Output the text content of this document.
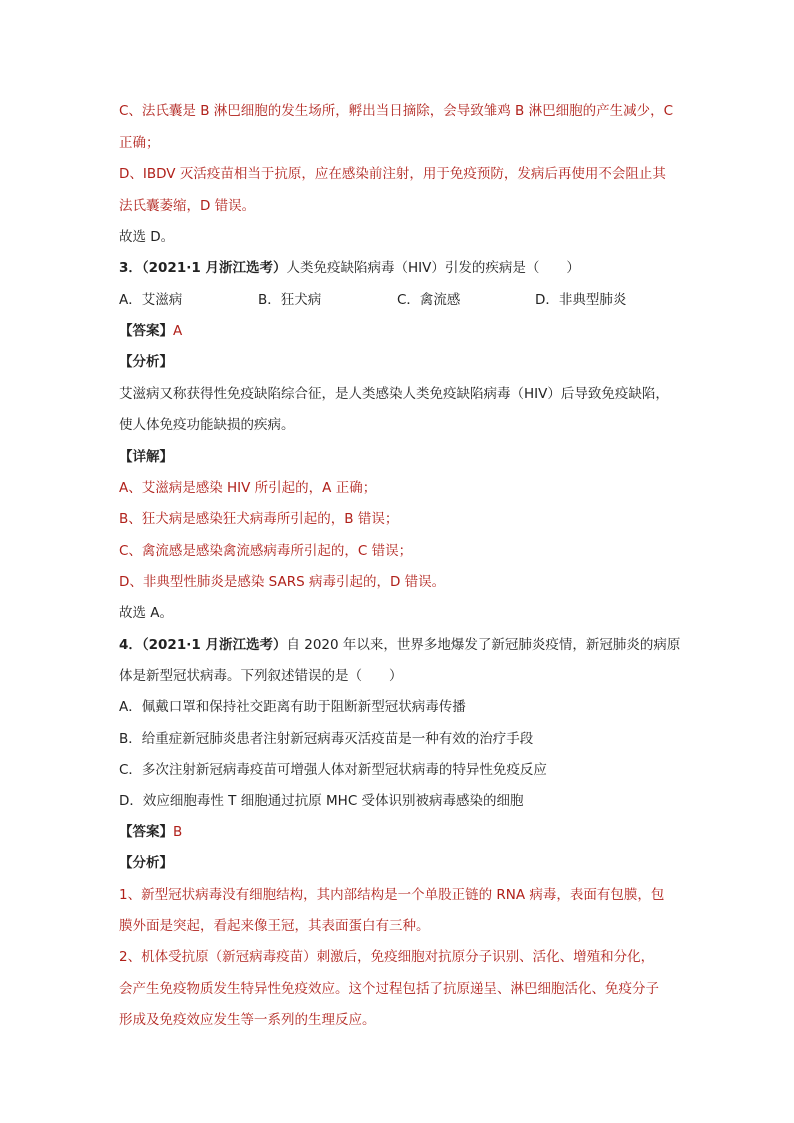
C、法氏囊是 B 淋巴细胞的发生场所，孵出当日摘除，会导致雏鸡 B 淋巴细胞的产生减少，C
正确；
D、IBDV 灭活疫苗相当于抗原，应在感染前注射，用于免疫预防，发病后再使用不会阻止其
法氏囊萎缩，D 错误。
故选 D。
3．（2021·1 月浙江选考）人类免疫缺陷病毒（HIV）引发的疾病是（　　）
A．艾滋病	B．狂犬病	C．禽流感	D．非典型肺炎
【答案】A
【分析】
艾滋病又称获得性免疫缺陷综合征，是人类感染人类免疫缺陷病毒（HIV）后导致免疫缺陷，
使人体免疫功能缺损的疾病。
【详解】
A、艾滋病是感染 HIV 所引起的，A 正确；
B、狂犬病是感染狂犬病毒所引起的，B 错误；
C、禽流感是感染禽流感病毒所引起的，C 错误；
D、非典型性肺炎是感染 SARS 病毒引起的，D 错误。
故选 A。
4．（2021·1 月浙江选考）自 2020 年以来，世界多地爆发了新冠肺炎疫情，新冠肺炎的病原
体是新型冠状病毒。下列叙述错误的是（　　）
A．佩戴口罩和保持社交距离有助于阻断新型冠状病毒传播
B．给重症新冠肺炎患者注射新冠病毒灭活疫苗是一种有效的治疗手段
C．多次注射新冠病毒疫苗可增强人体对新型冠状病毒的特异性免疫反应
D．效应细胞毒性 T 细胞通过抗原 MHC 受体识别被病毒感染的细胞
【答案】B
【分析】
1、新型冠状病毒没有细胞结构，其内部结构是一个单股正链的 RNA 病毒，表面有包膜，包
膜外面是突起，看起来像王冠，其表面蛋白有三种。
2、机体受抗原（新冠病毒疫苗）刺激后，免疫细胞对抗原分子识别、活化、增殖和分化，
会产生免疫物质发生特异性免疫效应。这个过程包括了抗原递呈、淋巴细胞活化、免疫分子
形成及免疫效应发生等一系列的生理反应。
